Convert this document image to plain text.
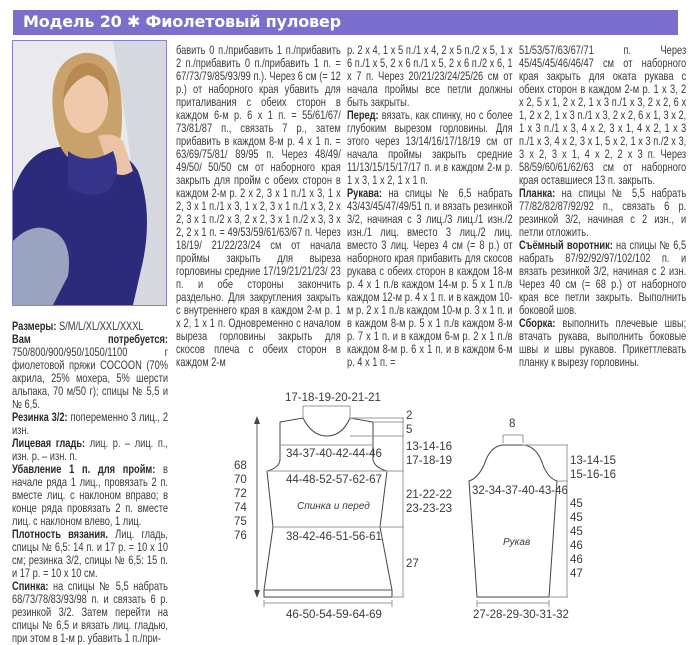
Модель 20 ✱ Фиолетовый пуловер

Размеры: S/M/L/XL/XXL/XXXL

Вам потребуется: 750/800/900/950/1050/1100 г фиолетовой пряжи COCOON (70% акрила, 25% мохера, 5% шерсти альпака, 70 м/50 г); спицы № 5,5 и № 6,5.

Резинка 3/2: попеременно 3 лиц., 2 изн.

Лицевая гладь: лиц. р. – лиц. п., изн. р. – изн. п.

Убавление 1 п. для пройм: в начале ряда 1 лиц., провязать 2 п. вместе лиц. с наклоном вправо; в конце ряда провязать 2 п. вместе лиц. с наклоном влево, 1 лиц.

Плотность вязания. Лиц. гладь, спицы № 6,5: 14 п. и 17 р. = 10 х 10 см; резинка 3/2, спицы № 6,5: 15 п. и 17 р. = 10 х 10 см.

Спинка: на спицы № 5,5 набрать 68/73/78/83/93/98 п. и связать 6 р. резинкой 3/2. Затем перейти на спицы № 6,5 и вязать лиц. гладью, при этом в 1-м р. убавить 1 п./при-

бавить 0 п./прибавить 1 п./прибавить 2 п./прибавить 0 п./прибавить 1 п. = 67/73/79/85/93/99 п.). Через 6 см (= 12 р.) от наборного края убавить для приталивания с обеих сторон в каждом 6-м р. 6 х 1 п. = 55/61/67/ 73/81/87 п., связать 7 р., затем прибавить в каждом 8-м р. 4 х 1 п. = 63/69/75/81/ 89/95 п. Через 48/49/ 49/50/ 50/50 см от наборного края закрыть для пройм с обеих сторон в каждом 2-м р. 2 х 2, 3 х 1 п./1 х 3, 1 х 2, 3 х 1 п./1 х 3, 1 х 2, 3 х 1 п./1 х 3, 2 х 2, 3 х 1 п./2 х 3, 2 х 2, 3 х 1 п./2 х 3, 3 х 2, 2 х 1 п. = 49/53/59/61/63/67 п. Через 18/19/ 21/22/23/24 см от начала проймы закрыть для выреза горловины средние 17/19/21/21/23/ 23 п. и обе стороны закончить раздельно. Для закругления закрыть с внутреннего края в каждом 2-м р. 1 х 2, 1 х 1 п. Одновременно с началом выреза горловины закрыть для скосов плеча с обеих сторон в каждом 2-м

р. 2 х 4, 1 х 5 п./1 х 4, 2 х 5 п./2 х 5, 1 х 6 п./1 х 5, 2 х 6 п./1 х 5, 2 х 6 п./2 х 6, 1 х 7 п. Через 20/21/23/24/25/26 см от начала проймы все петли должны быть закрыты.

Перед: вязать, как спинку, но с более глубоким вырезом горловины. Для этого через 13/14/16/17/18/19 см от начала проймы закрыть средние 11/13/15/15/17/17 п. и в каждом 2-м р. 1 х 3, 1 х 2, 1 х 1 п.

Рукава: на спицы № 6,5 набрать 43/43/45/47/49/51 п. и вязать резинкой 3/2, начиная с 3 лиц./3 лиц./1 изн./2 изн./1 лиц. вместо 3 лиц./2 лиц. вместо 3 лиц. Через 4 см (= 8 р.) от наборного края прибавить для скосов рукава с обеих сторон в каждом 18-м р. 4 х 1 п./в каждом 14-м р. 5 х 1 п./в каждом 12-м р. 4 х 1 п. и в каждом 10-м р. 2 х 1 п./в каждом 10-м р. 3 х 1 п. и в каждом 8-м р. 5 х 1 п./в каждом 8-м р. 7 х 1 п. и в каждом 6-м р. 2 х 1 п./в каждом 8-м р. 6 х 1 п. и в каждом 6-м р. 4 х 1 п. =

51/53/57/63/67/71 п. Через 45/45/45/46/46/47 см от наборного края закрыть для оката рукава с обеих сторон в каждом 2-м р. 1 х 3, 2 х 2, 5 х 1, 2 х 2, 1 х 3 п./1 х 3, 2 х 2, 6 х 1, 2 х 2, 1 х 3 п./1 х 3, 2 х 2, 6 х 1, 3 х 2, 1 х 3 п./1 х 3, 4 х 2, 3 х 1, 4 х 2, 1 х 3 п./1 х 3, 4 х 2, 3 х 1, 5 х 2, 1 х 3 п./2 х 3, 3 х 2, 3 х 1, 4 х 2, 2 х 3 п. Через 58/59/60/61/62/63 см от наборного края оставшиеся 13 п. закрыть.

Планка: на спицы № 5,5 набрать 77/82/82/87/92/92 п., связать 6 р. резинкой 3/2, начиная с 2 изн., и петли отложить.

Съёмный воротник: на спицы № 6,5 набрать 87/92/92/97/102/102 п. и вязать резинкой 3/2, начиная с 2 изн. Через 40 см (= 68 р.) от наборного края все петли закрыть. Выполнить боковой шов.

Сборка: выполнить плечевые швы; втачать рукава, выполнить боковые швы и швы рукавов. Прикеттлевать планку к вырезу горловины.

17-18-19-20-21-21
2
5
34-37-40-42-44-46
13-14-16
17-18-19
44-48-52-57-62-67
Спинка и перед
21-22-22
23-23-23
38-42-46-51-56-61
27
46-50-54-59-64-69
68
70
72
74
75
76
8
13-14-15
15-16-16
32-34-37-40-43-46
Рукав
45
45
45
46
46
47
27-28-29-30-31-32
